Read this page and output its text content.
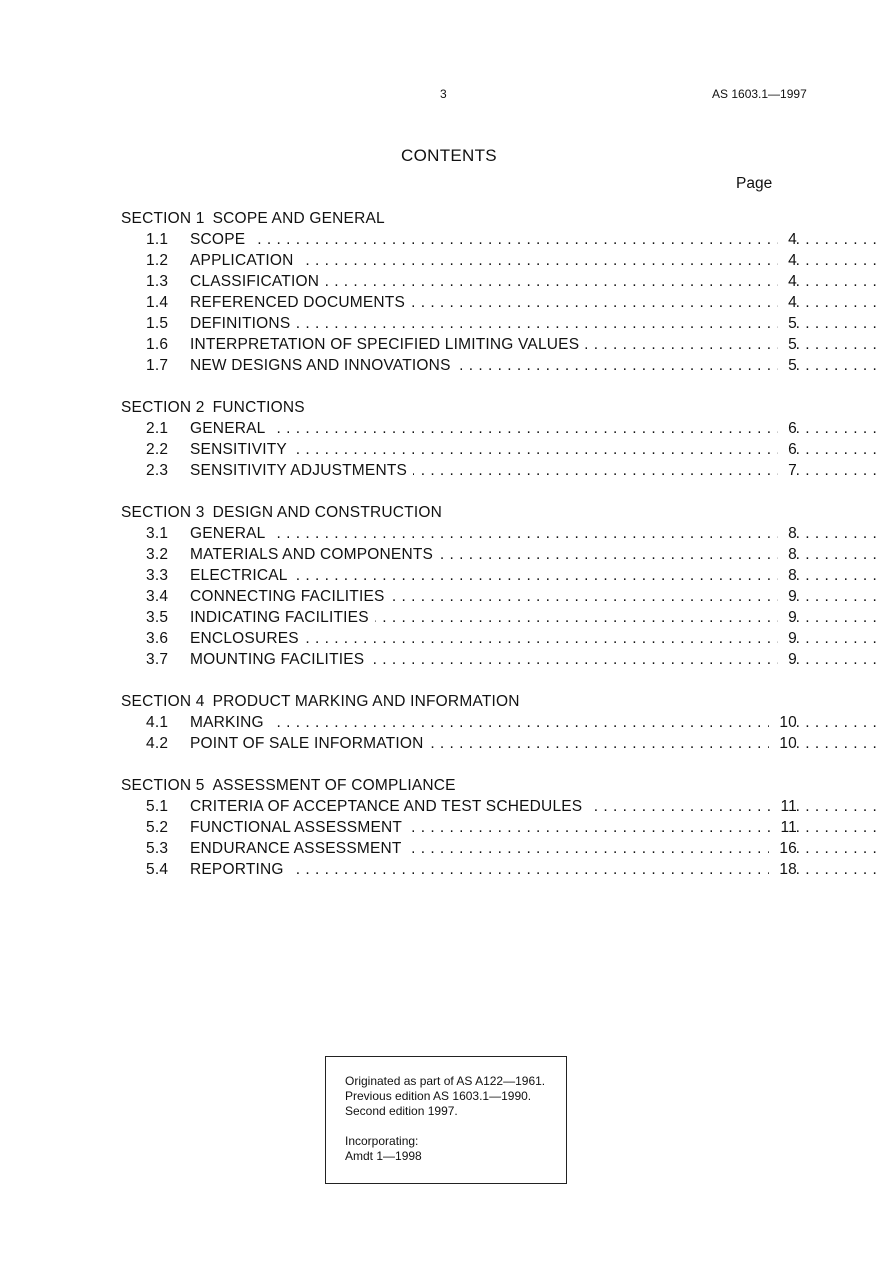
3	AS 1603.1—1997
CONTENTS
Page
SECTION 1 SCOPE AND GENERAL
1.1 . . . SCOPE	4
1.2 . . . APPLICATION	4
1.3 . . . CLASSIFICATION	4
1.4 . . . REFERENCED DOCUMENTS	4
1.5 . . . DEFINITIONS	5
1.6 . . . INTERPRETATION OF SPECIFIED LIMITING VALUES	5
1.7 . . . NEW DESIGNS AND INNOVATIONS	5
SECTION 2 FUNCTIONS
2.1 . . . GENERAL	6
2.2 . . . SENSITIVITY	6
2.3 . . . SENSITIVITY ADJUSTMENTS	7
SECTION 3 DESIGN AND CONSTRUCTION
3.1 . . . GENERAL	8
3.2 . . . MATERIALS AND COMPONENTS	8
3.3 . . . ELECTRICAL	8
3.4 . . . CONNECTING FACILITIES	9
3.5 . . . INDICATING FACILITIES	9
3.6 . . . ENCLOSURES	9
3.7 . . . MOUNTING FACILITIES	9
SECTION 4 PRODUCT MARKING AND INFORMATION
4.1 . . . MARKING	10
4.2 . . . POINT OF SALE INFORMATION	10
SECTION 5 ASSESSMENT OF COMPLIANCE
5.1 . . . CRITERIA OF ACCEPTANCE AND TEST SCHEDULES	11
5.2 . . . FUNCTIONAL ASSESSMENT	11
5.3 . . . ENDURANCE ASSESSMENT	16
5.4 . . . REPORTING	18
Originated as part of AS A122—1961.
Previous edition AS 1603.1—1990.
Second edition 1997.
Incorporating:
Amdt 1—1998
